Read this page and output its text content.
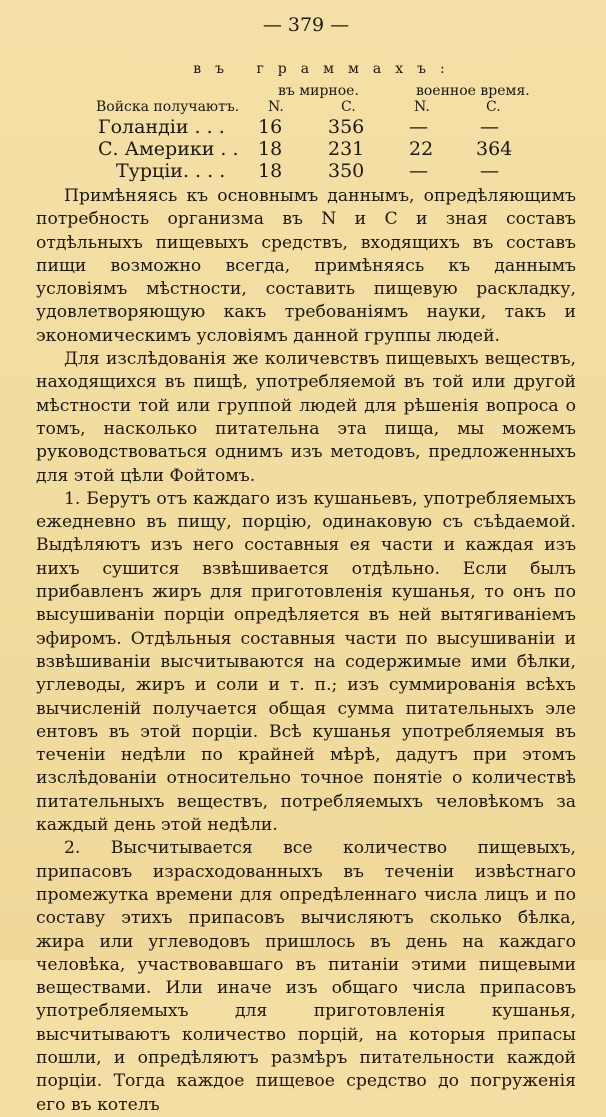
— 379 —
въ граммахъ:
въ мирное.	военное время.
Войска получаютъ. N.	C.	N.	C.
Голандiи . . . 16 356 —	—
С. Америки . . 18 231 22 364
Турцiи. . . . 18 350 —	—

Примѣняясь къ основнымъ даннымъ, опредѣляющимъ потребность организма въ N и C и зная составъ отдѣльныхъ пищевыхъ средствъ, входящихъ въ составъ пищи возможно всегда, примѣняясь къ даннымъ условiямъ мѣстности, составить пищевую раскладку, удовлетворяющую какъ требованiямъ науки, такъ и экономическимъ условiямъ данной группы людей.

Для изслѣдованiя же количевствъ пищевыхъ веществъ, находящихся въ пищѣ, употребляемой въ той или другой мѣстности той или группой людей для рѣшенiя вопроса о томъ, насколько питательна эта пища, мы можемъ руководствоваться однимъ изъ методовъ, предложенныхъ для этой цѣли Фойтомъ.

1. Берутъ отъ каждаго изъ кушаньевъ, употребляемыхъ ежедневно въ пищу, порцiю, одинаковую съ съѣдаемой. Выдѣляютъ изъ него составныя ея части и каждая изъ нихъ сушится взвѣшивается отдѣльно. Если былъ прибавленъ жиръ для приготовленiя кушанья, то онъ по высушиванiи порцiи опредѣляется въ ней вытягиванiемъ эфиромъ. Отдѣльныя составныя части по высушиванiи и взвѣшиванiи высчитываются на содержимые ими бѣлки, углеводы, жиръ и соли и т. п.; изъ суммированiя всѣхъ вычисленiй получается общая сумма питательныхъ эле ентовъ въ этой порцiи. Всѣ кушанья употребляемыя въ теченiи недѣли по крайней мѣрѣ, дадутъ при этомъ изслѣдованiи относительно точное понятiе о количествѣ питательныхъ веществъ, потребляемыхъ человѣкомъ за каждый день этой недѣли.

2. Высчитывается все количество пищевыхъ, припасовъ израсходованныхъ въ теченiи извѣстнаго промежутка времени для опредѣленнаго числа лицъ и по составу этихъ припасовъ вычисляютъ сколько бѣлка, жира или углеводовъ пришлось въ день на каждаго человѣка, участвовавшаго въ питанiи этими пищевыми веществами. Или иначе изъ общаго числа припасовъ употребляемыхъ для приготовленiя кушанья, высчитываютъ количество порцiй, на которыя припасы пошли, и опредѣляютъ размѣръ питательности каждой порцiи. Тогда каждое пищевое средство до погруженiя его въ котелъ
